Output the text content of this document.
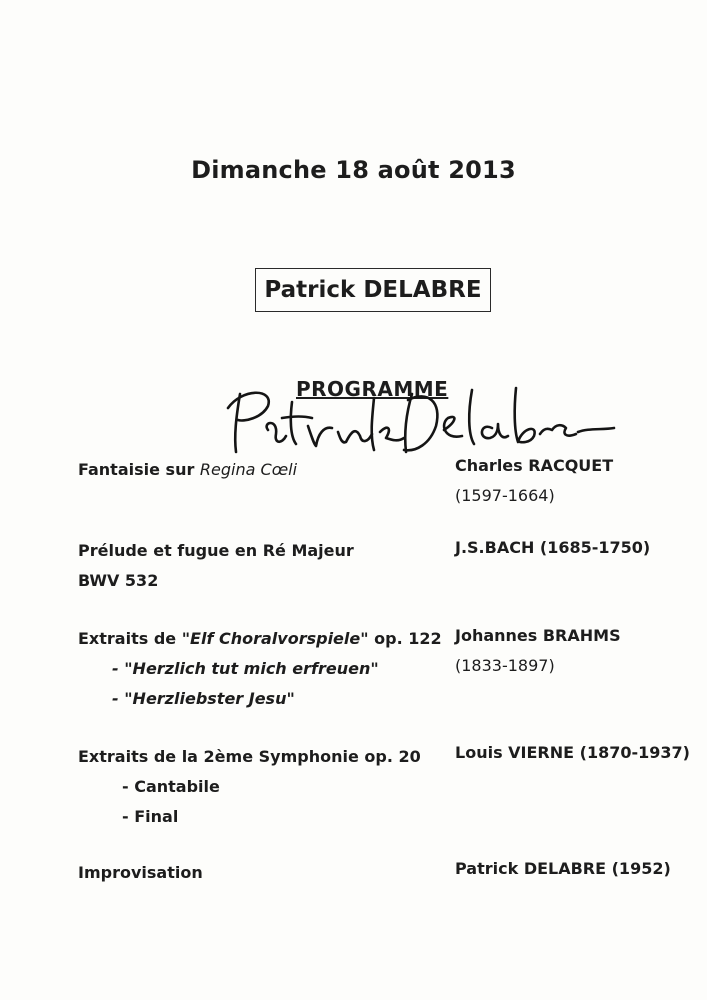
Dimanche 18 août 2013
Patrick DELABRE
PROGRAMME
Fantaisie sur Regina Cœli	Charles RACQUET
(1597-1664)
Prélude et fugue en Ré Majeur
BWV 532
J.S.BACH (1685-1750)
Extraits de "Elf Choralvorspiele" op. 122
- "Herzlich tut mich erfreuen"
- "Herzliebster Jesu"
Johannes BRAHMS
(1833-1897)
Extraits de la 2ème Symphonie op. 20
- Cantabile
- Final
Louis VIERNE (1870-1937)
Improvisation	Patrick DELABRE (1952)
